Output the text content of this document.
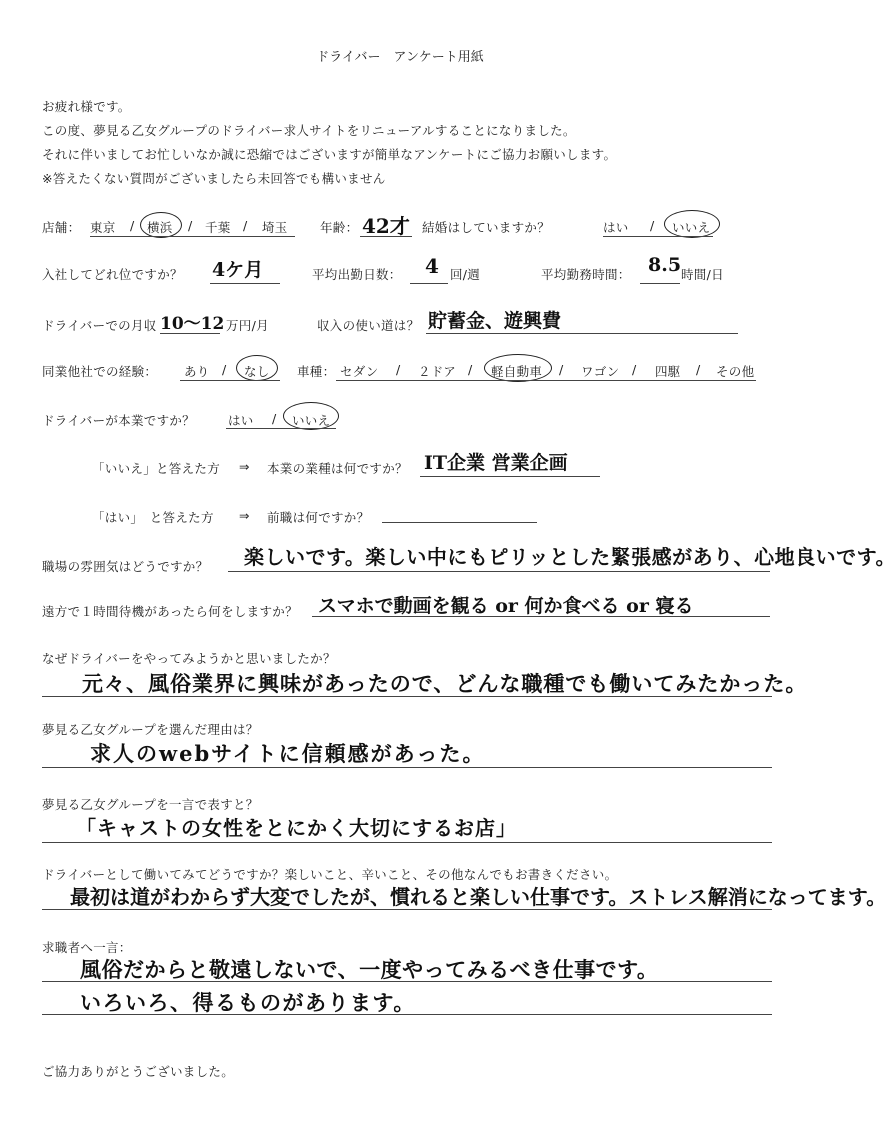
ドライバー　アンケート用紙
お疲れ様です。
この度、夢見る乙女グループのドライバー求人サイトをリニューアルすることになりました。
それに伴いましてお忙しいなか誠に恐縮ではございますが簡単なアンケートにご協力お願いします。
※答えたくない質問がございましたら未回答でも構いません
店舗： 東京 / 横浜 / 千葉 / 埼玉	年齢： 42才 結婚はしていますか？	はい / いいえ
入社してどれ位ですか？ 4ケ月	平均出勤日数： 4 回/週	平均勤務時間： 8.5 時間/日
ドライバーでの月収 10〜12 万円/月	収入の使い道は？ 貯蓄金、遊興費
同業他社での経験： あり / なし 車種： セダン / ２ドア / 軽自動車 / ワゴン / 四駆 / その他
ドライバーが本業ですか？	はい / いいえ
「いいえ」と答えた方 ⇒ 本業の業種は何ですか？ IT企業 営業企画
「はい」　と答えた方 ⇒ 前職は何ですか？
職場の雰囲気はどうですか？ 楽しいです。楽しい中にもピリッとした緊張感があり、心地良いです。
遠方で１時間待機があったら何をしますか？ スマホで動画を観る or 何か食べる or 寝る
なぜドライバーをやってみようかと思いましたか？
元々、風俗業界に興味があったので、どんな職種でも働いてみたかった。
夢見る乙女グループを選んだ理由は？
求人のwebサイトに信頼感があった。
夢見る乙女グループを一言で表すと？
「キャストの女性をとにかく大切にするお店」
ドライバーとして働いてみてどうですか？楽しいこと、辛いこと、その他なんでもお書きください。
最初は道がわからず大変でしたが、慣れると楽しい仕事です。ストレス解消になってます。
求職者へ一言：
風俗だからと敬遠しないで、一度やってみるべき仕事です。
いろいろ、得るものがあります。
ご協力ありがとうございました。
